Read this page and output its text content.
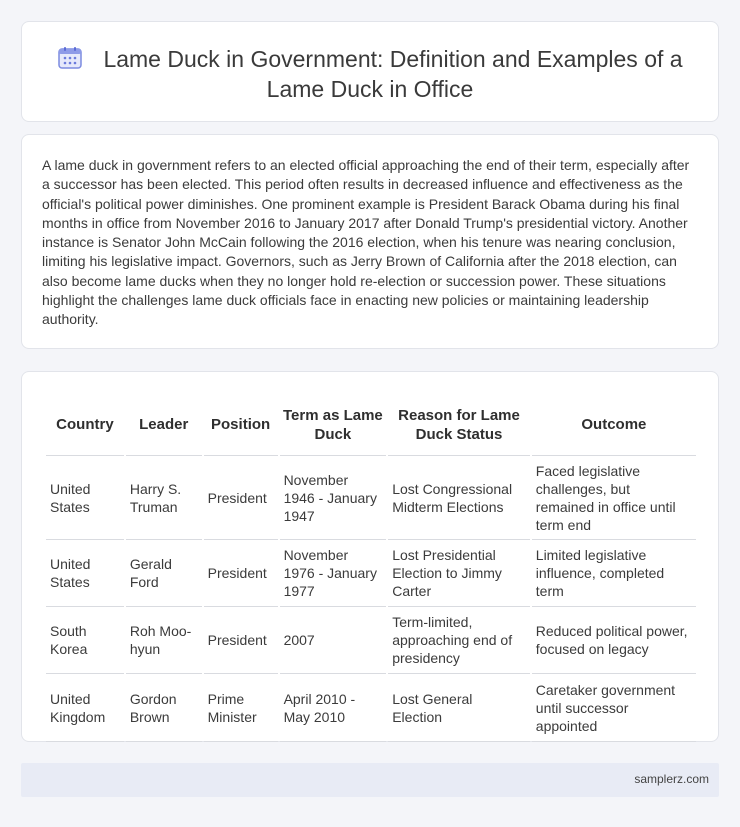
Lame Duck in Government: Definition and Examples of a Lame Duck in Office

A lame duck in government refers to an elected official approaching the end of their term, especially after a successor has been elected. This period often results in decreased influence and effectiveness as the official's political power diminishes. One prominent example is President Barack Obama during his final months in office from November 2016 to January 2017 after Donald Trump's presidential victory. Another instance is Senator John McCain following the 2016 election, when his tenure was nearing conclusion, limiting his legislative impact. Governors, such as Jerry Brown of California after the 2018 election, can also become lame ducks when they no longer hold re-election or succession power. These situations highlight the challenges lame duck officials face in enacting new policies or maintaining leadership authority.

Country	Leader	Position	Term as Lame Duck	Reason for Lame Duck Status	Outcome
United States	Harry S. Truman	President	November 1946 - January 1947	Lost Congressional Midterm Elections	Faced legislative challenges, but remained in office until term end
United States	Gerald Ford	President	November 1976 - January 1977	Lost Presidential Election to Jimmy Carter	Limited legislative influence, completed term
South Korea	Roh Moo-hyun	President	2007	Term-limited, approaching end of presidency	Reduced political power, focused on legacy
United Kingdom	Gordon Brown	Prime Minister	April 2010 - May 2010	Lost General Election	Caretaker government until successor appointed
samplerz.com
